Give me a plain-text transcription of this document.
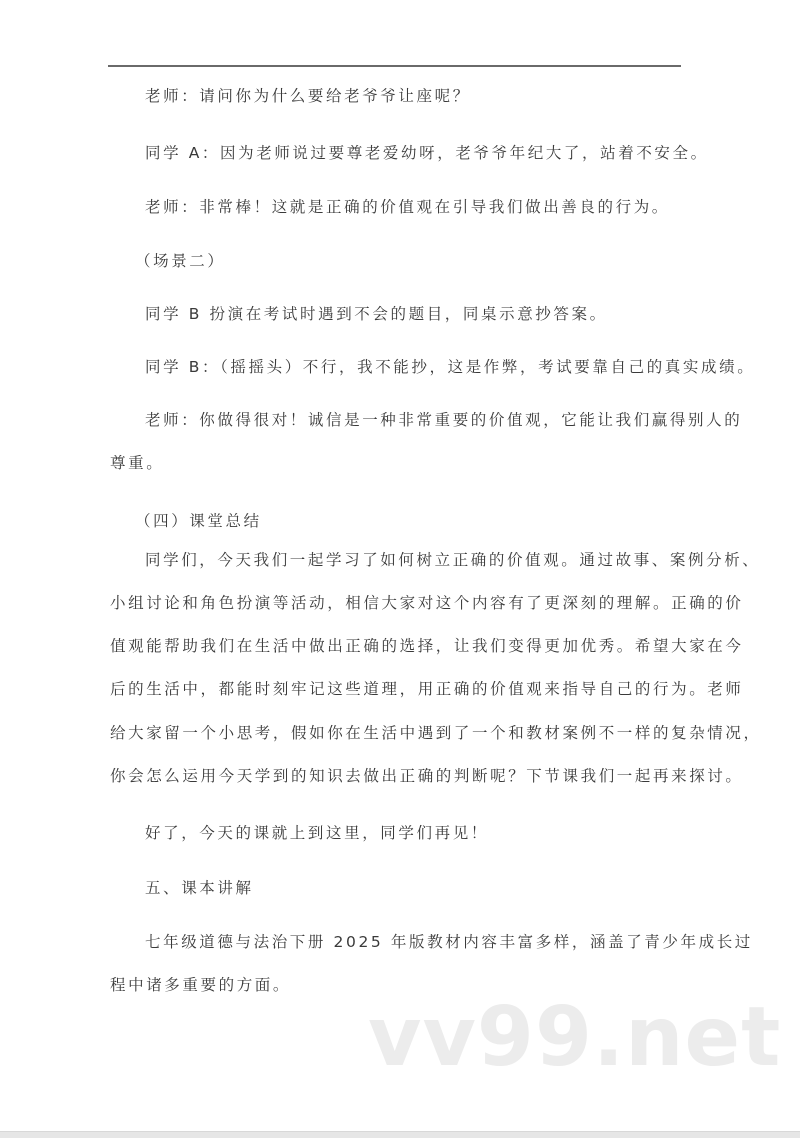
老师：请问你为什么要给老爷爷让座呢？
同学 A：因为老师说过要尊老爱幼呀，老爷爷年纪大了，站着不安全。
老师：非常棒！这就是正确的价值观在引导我们做出善良的行为。
（场景二）
同学 B 扮演在考试时遇到不会的题目，同桌示意抄答案。
同学 B：（摇摇头）不行，我不能抄，这是作弊，考试要靠自己的真实成绩。
老师：你做得很对！诚信是一种非常重要的价值观，它能让我们赢得别人的
尊重。
（四）课堂总结
同学们，今天我们一起学习了如何树立正确的价值观。通过故事、案例分析、
小组讨论和角色扮演等活动，相信大家对这个内容有了更深刻的理解。正确的价
值观能帮助我们在生活中做出正确的选择，让我们变得更加优秀。希望大家在今
后的生活中，都能时刻牢记这些道理，用正确的价值观来指导自己的行为。老师
给大家留一个小思考，假如你在生活中遇到了一个和教材案例不一样的复杂情况，
你会怎么运用今天学到的知识去做出正确的判断呢？下节课我们一起再来探讨。
好了，今天的课就上到这里，同学们再见！
五、课本讲解
七年级道德与法治下册 2025 年版教材内容丰富多样，涵盖了青少年成长过
程中诸多重要的方面。
vv99.net
